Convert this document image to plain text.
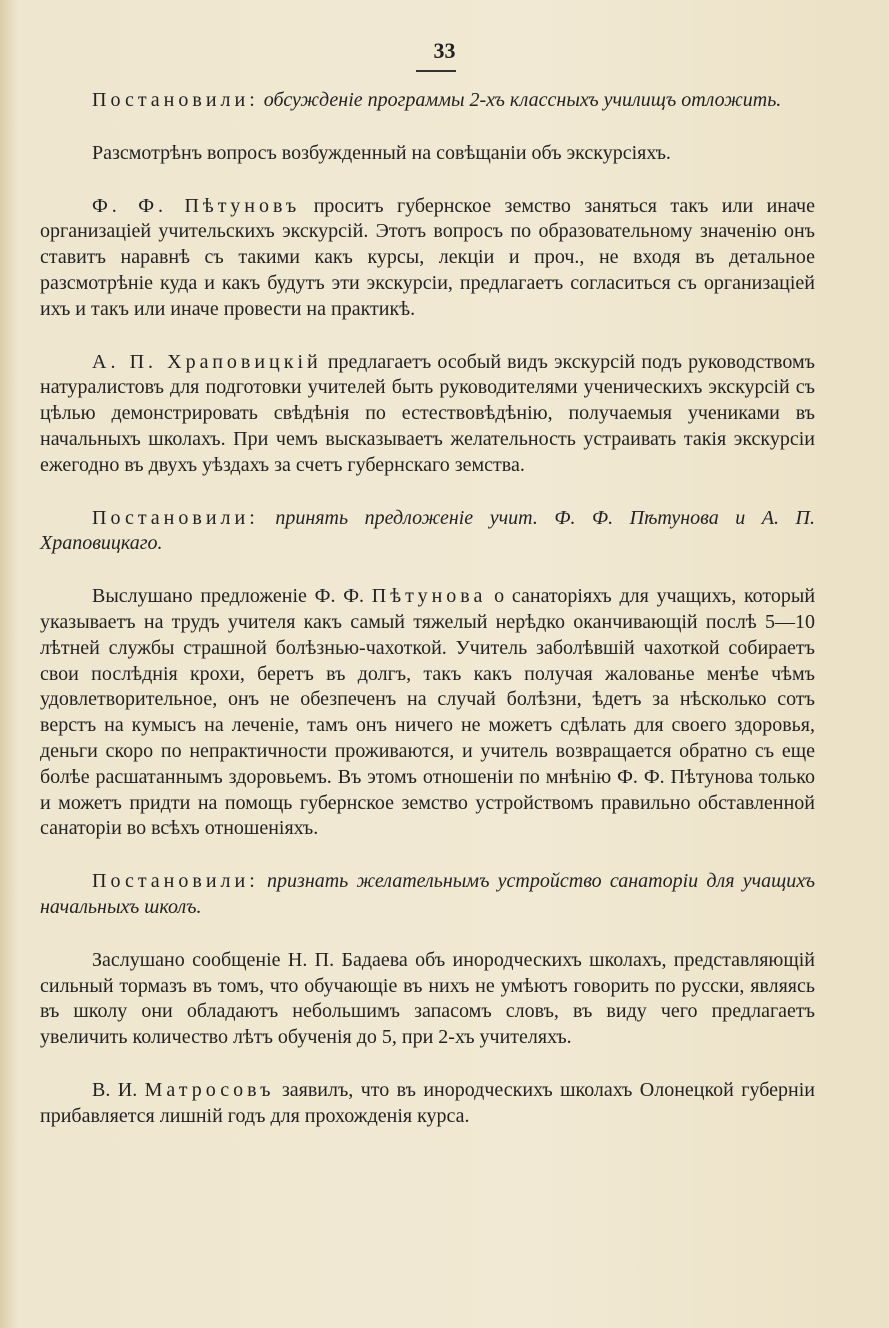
33

Постановили: обсужденіе программы 2-хъ классныхъ училищъ отложить.

Разсмотрѣнъ вопросъ возбужденный на совѣщаніи объ экскурсіяхъ.

Ф. Ф. Пѣтуновъ проситъ губернское земство заняться такъ или иначе организаціей учительскихъ экскурсій. Этотъ вопросъ по образовательному значенію онъ ставитъ наравнѣ съ такими какъ курсы, лекціи и проч., не входя въ детальное разсмотрѣніе куда и какъ будутъ эти экскурсіи, предлагаетъ согласиться съ организаціей ихъ и такъ или иначе провести на практикѣ.

А. П. Храповицкій предлагаетъ особый видъ экскурсій подъ руководствомъ натуралистовъ для подготовки учителей быть руководителями ученическихъ экскурсій съ цѣлью демонстрировать свѣдѣнія по естествовѣдѣнію, получаемыя учениками въ начальныхъ школахъ. При чемъ высказываетъ желательность устраивать такія экскурсіи ежегодно въ двухъ уѣздахъ за счетъ губернскаго земства.

Постановили: принять предложеніе учит. Ф. Ф. Пѣтунова и А. П. Храповицкаго.

Выслушано предложеніе Ф. Ф. Пѣтунова о санаторіяхъ для учащихъ, который указываетъ на трудъ учителя какъ самый тяжелый нерѣдко оканчивающій послѣ 5—10 лѣтней службы страшной болѣзнью-чахоткой. Учитель заболѣвшій чахоткой собираетъ свои послѣднія крохи, беретъ въ долгъ, такъ какъ получая жалованье менѣе чѣмъ удовлетворительное, онъ не обезпеченъ на случай болѣзни, ѣдетъ за нѣсколько сотъ верстъ на кумысъ на леченіе, тамъ онъ ничего не можетъ сдѣлать для своего здоровья, деньги скоро по непрактичности проживаются, и учитель возвращается обратно съ еще болѣе расшатаннымъ здоровьемъ. Въ этомъ отношеніи по мнѣнію Ф. Ф. Пѣтунова только и можетъ придти на помощь губернское земство устройствомъ правильно обставленной санаторіи во всѣхъ отношеніяхъ.

Постановили: признать желательнымъ устройство санаторіи для учащихъ начальныхъ школъ.

Заслушано сообщеніе Н. П. Бадаева объ инородческихъ школахъ, представляющій сильный тормазъ въ томъ, что обучающіе въ нихъ не умѣютъ говорить по русски, являясь въ школу они обладаютъ небольшимъ запасомъ словъ, въ виду чего предлагаетъ увеличить количество лѣтъ обученія до 5, при 2-хъ учителяхъ.

В. И. Матросовъ заявилъ, что въ инородческихъ школахъ Олонецкой губерніи прибавляется лишній годъ для прохожденія курса.
